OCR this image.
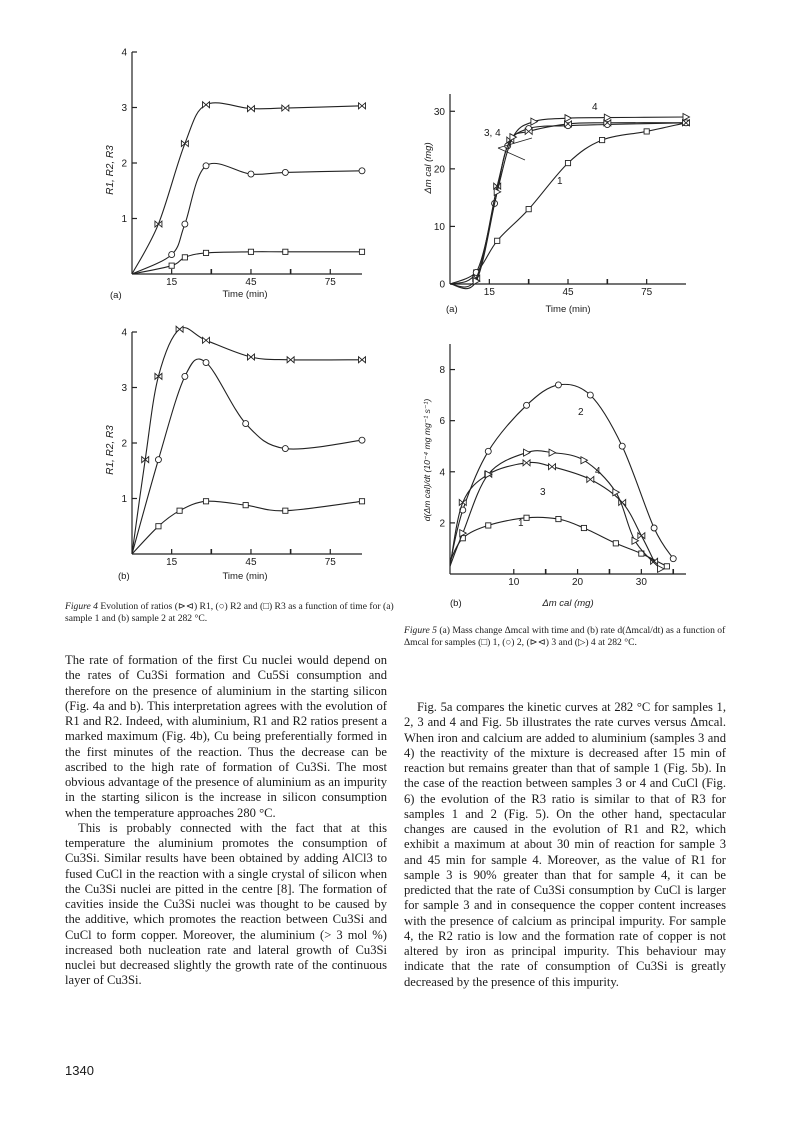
1
2
3
4
15	45	75
R1, R2, R3
Time (min)
(a)
1
2
3
4
15	45	75
R1, R2, R3
Time (min)
(b)
0
10
20
30
15	45	75
4
3, 4
1
Δm cal (mg)
Time (min)
(a)
2
4
6
8
10	20	30
2
4
3
1
d(Δm cal)/dt (10⁻⁴ mg mg⁻¹ s⁻¹)
Δm cal (mg)
(b)
Figure 4 Evolution of ratios (⊳⊲) R1, (○) R2 and (□) R3 as a function of time for (a) sample 1 and (b) sample 2 at 282 °C.
Figure 5 (a) Mass change Δmcal with time and (b) rate d(Δmcal/dt) as a function of Δmcal for samples (□) 1, (○) 2, (⊳⊲) 3 and (▷) 4 at 282 °C.

The rate of formation of the first Cu nuclei would depend on the rates of Cu3Si formation and Cu5Si consumption and therefore on the presence of aluminium in the starting silicon (Fig. 4a and b). This interpretation agrees with the evolution of R1 and R2. Indeed, with aluminium, R1 and R2 ratios present a marked maximum (Fig. 4b), Cu being preferentially formed in the first minutes of the reaction. Thus the decrease can be ascribed to the high rate of formation of Cu3Si. The most obvious advantage of the presence of aluminium as an impurity in the starting silicon is the increase in silicon consumption when the temperature approaches 280 °C.

This is probably connected with the fact that at this temperature the aluminium promotes the consumption of Cu3Si. Similar results have been obtained by adding AlCl3 to fused CuCl in the reaction with a single crystal of silicon when the Cu3Si nuclei are pitted in the centre [8]. The formation of cavities inside the Cu3Si nuclei was thought to be caused by the additive, which promotes the reaction between Cu3Si and CuCl to form copper. Moreover, the aluminium (> 3 mol %) increased both nucleation rate and lateral growth of Cu3Si nuclei but decreased slightly the growth rate of the continuous layer of Cu3Si.

Fig. 5a compares the kinetic curves at 282 °C for samples 1, 2, 3 and 4 and Fig. 5b illustrates the rate curves versus Δmcal. When iron and calcium are added to aluminium (samples 3 and 4) the reactivity of the mixture is decreased after 15 min of reaction but remains greater than that of sample 1 (Fig. 5b). In the case of the reaction between samples 3 or 4 and CuCl (Fig. 6) the evolution of the R3 ratio is similar to that of R3 for samples 1 and 2 (Fig. 5). On the other hand, spectacular changes are caused in the evolution of R1 and R2, which exhibit a maximum at about 30 min of reaction for sample 3 and 45 min for sample 4. Moreover, as the value of R1 for sample 3 is 90% greater than that for sample 4, it can be predicted that the rate of Cu3Si consumption by CuCl is larger for sample 3 and in consequence the copper content increases with the presence of calcium as principal impurity. For sample 4, the R2 ratio is low and the formation rate of copper is not altered by iron as principal impurity. This behaviour may indicate that the rate of consumption of Cu3Si is greatly decreased by the presence of this impurity.

1340
